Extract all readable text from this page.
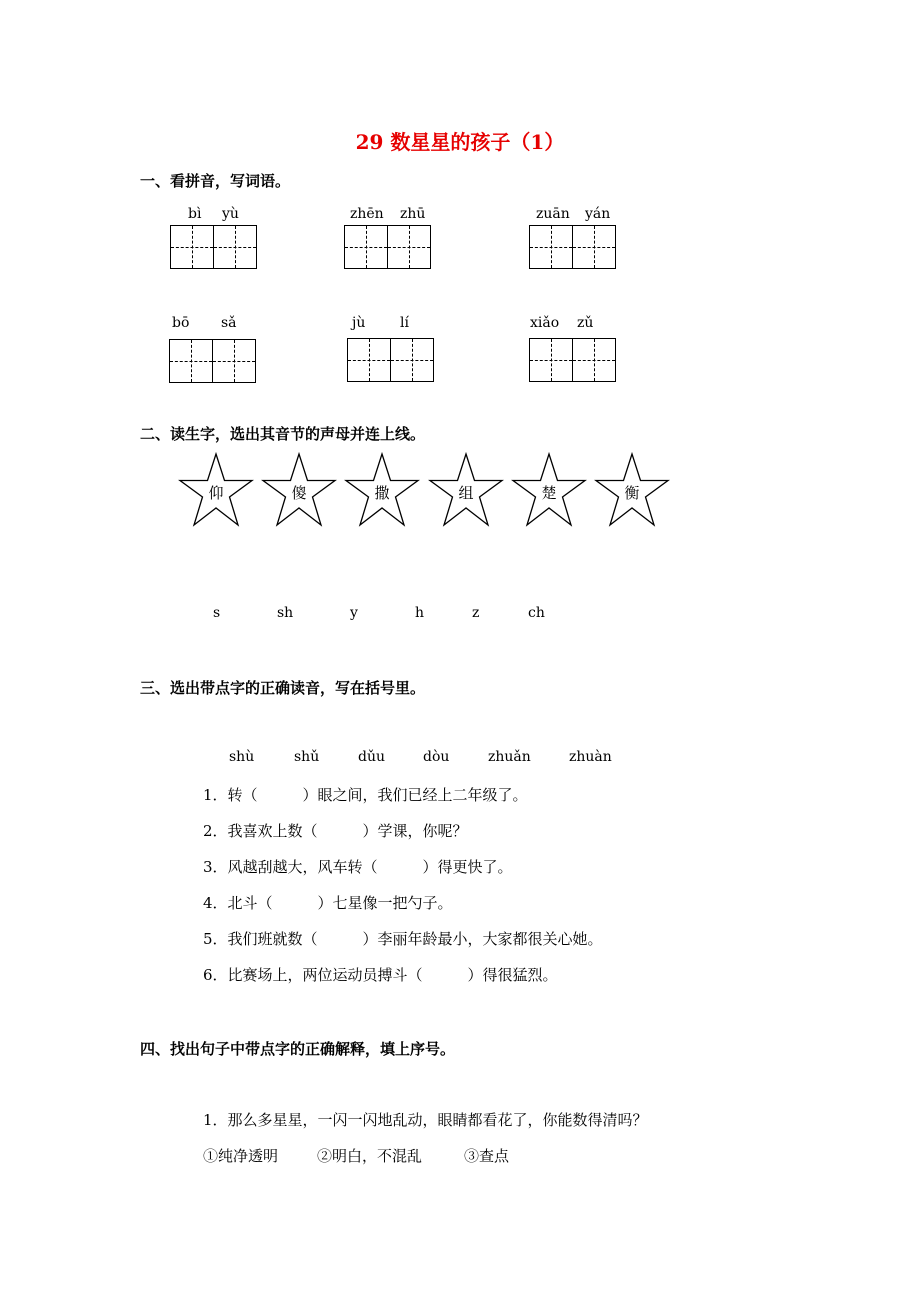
29 数星星的孩子（1）
一、看拼音，写词语。
bì yù	zhēn zhū	zuān yán
bō sǎ	jù lí	xiǎo zǔ
二、读生字，选出其音节的声母并连上线。
仰	傻	撒	组	楚	衡
s	sh	y	h	z	ch
三、选出带点字的正确读音，写在括号里。
shù	shǔ	dǔu	dòu	zhuǎn	zhuàn
1．转（　　　）眼之间，我们已经上二年级了。
2．我喜欢上数（　　　）学课，你呢？
3．风越刮越大，风车转（　　　）得更快了。
4．北斗（　　　）七星像一把勺子。
5．我们班就数（　　　）李丽年龄最小，大家都很关心她。
6．比赛场上，两位运动员搏斗（　　　）得很猛烈。
四、找出句子中带点字的正确解释，填上序号。
1．那么多星星，一闪一闪地乱动，眼睛都看花了，你能数得清吗？
①纯净透明	②明白，不混乱	③查点
